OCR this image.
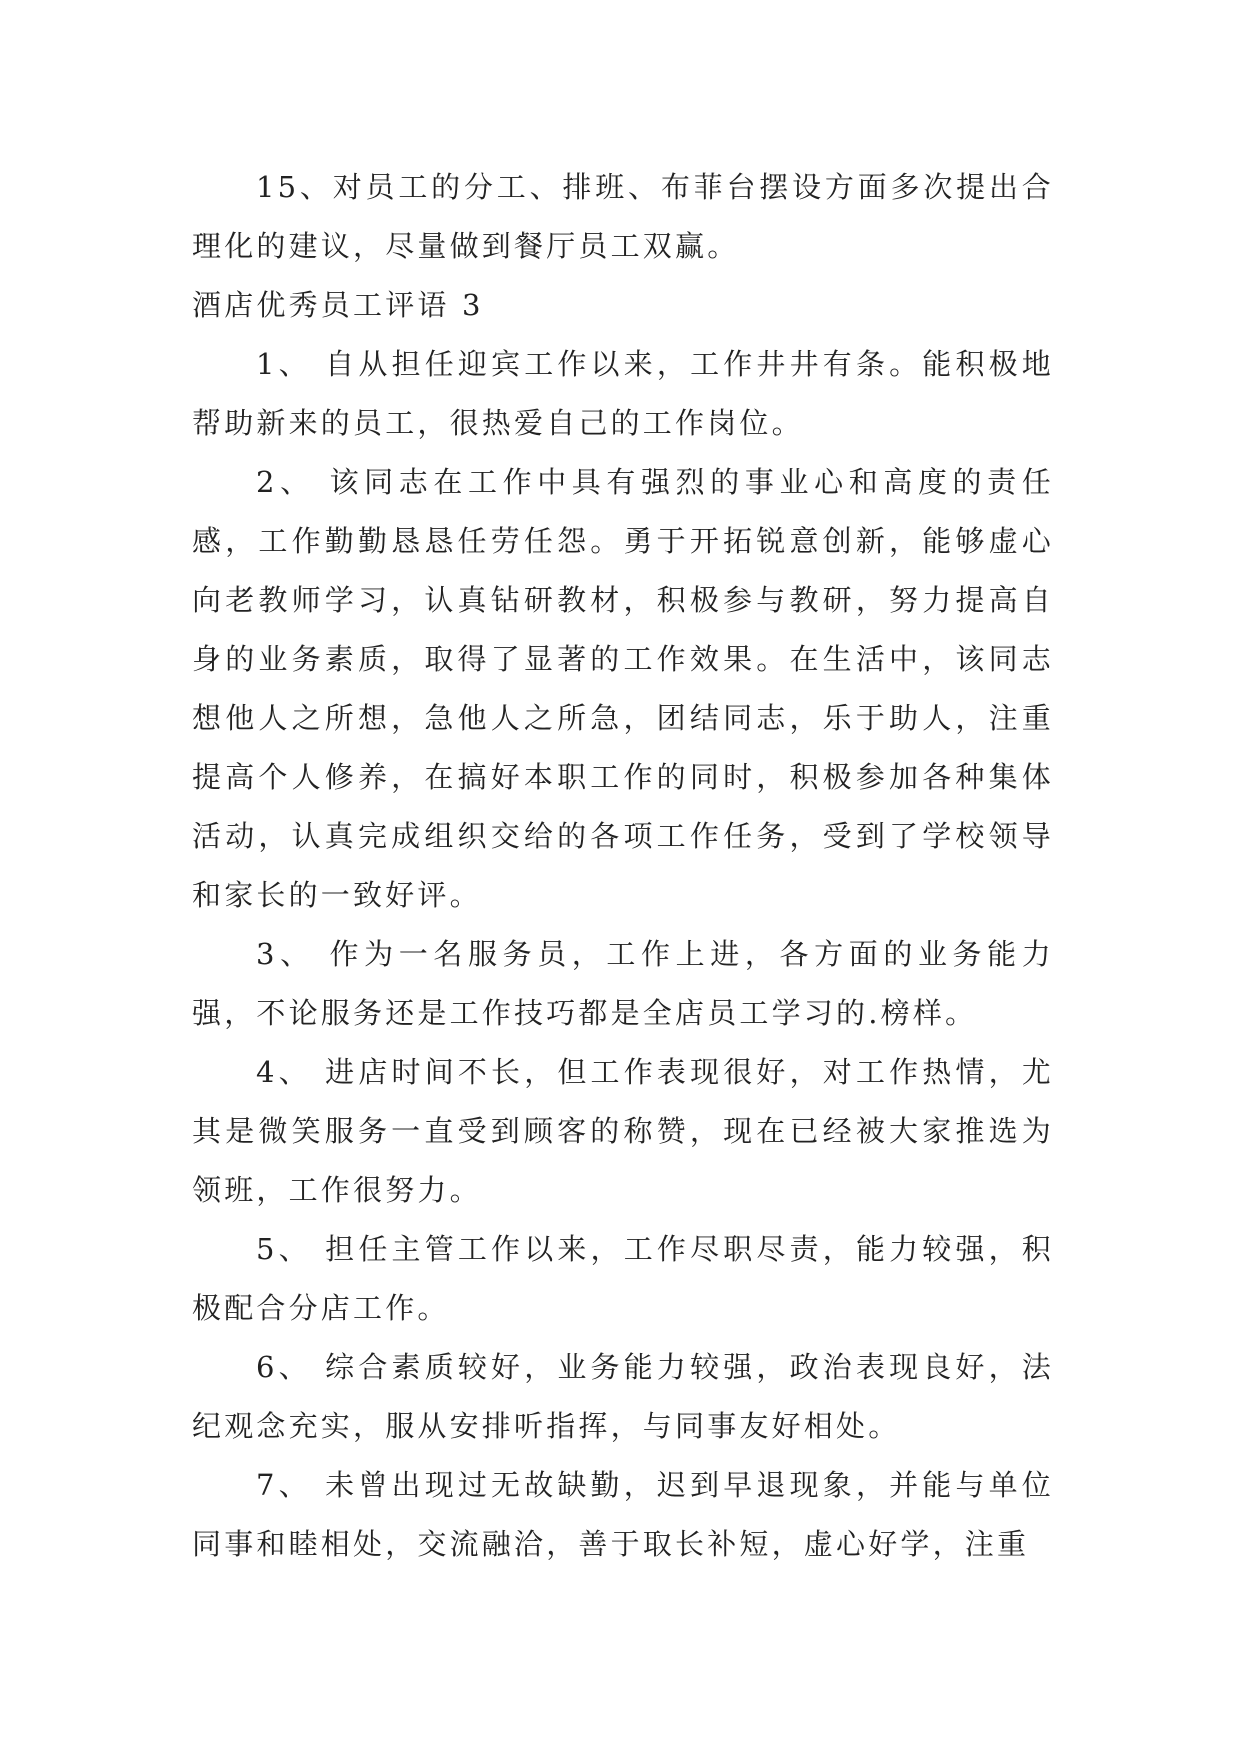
15、对员工的分工、排班、布菲台摆设方面多次提出合理化的建议，尽量做到餐厅员工双赢。

酒店优秀员工评语 3

1、 自从担任迎宾工作以来，工作井井有条。能积极地帮助新来的员工，很热爱自己的工作岗位。

2、 该同志在工作中具有强烈的事业心和高度的责任感，工作勤勤恳恳任劳任怨。勇于开拓锐意创新，能够虚心向老教师学习，认真钻研教材，积极参与教研，努力提高自身的业务素质，取得了显著的工作效果。在生活中，该同志想他人之所想，急他人之所急，团结同志，乐于助人，注重提高个人修养，在搞好本职工作的同时，积极参加各种集体活动，认真完成组织交给的各项工作任务，受到了学校领导和家长的一致好评。

3、 作为一名服务员，工作上进，各方面的业务能力强，不论服务还是工作技巧都是全店员工学习的.榜样。

4、 进店时间不长，但工作表现很好，对工作热情，尤其是微笑服务一直受到顾客的称赞，现在已经被大家推选为领班，工作很努力。

5、 担任主管工作以来，工作尽职尽责，能力较强，积极配合分店工作。

6、 综合素质较好，业务能力较强，政治表现良好，法纪观念充实，服从安排听指挥，与同事友好相处。

7、 未曾出现过无故缺勤，迟到早退现象，并能与单位同事和睦相处，交流融洽，善于取长补短，虚心好学，注重
